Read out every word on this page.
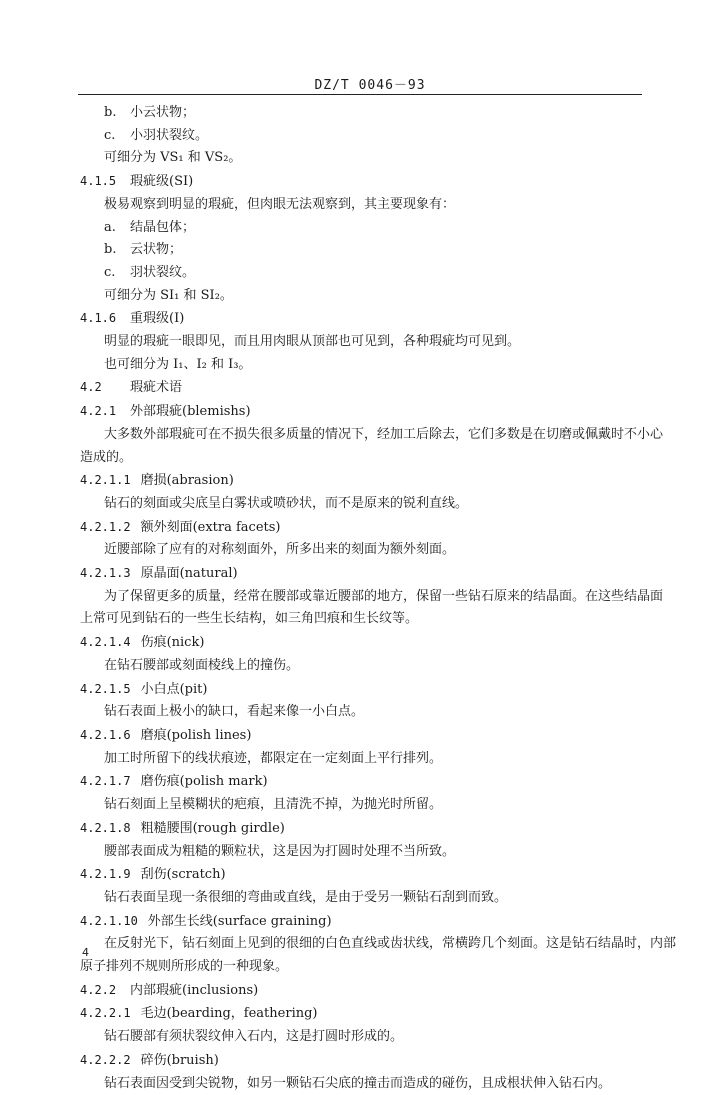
DZ/T 0046－93
b. 小云状物；
c. 小羽状裂纹。
可细分为 VS₁ 和 VS₂。
4.1.5 瑕疵级(SI)
极易观察到明显的瑕疵，但肉眼无法观察到，其主要现象有：
a. 结晶包体；
b. 云状物；
c. 羽状裂纹。
可细分为 SI₁ 和 SI₂。
4.1.6 重瑕级(I)
明显的瑕疵一眼即见，而且用肉眼从顶部也可见到，各种瑕疵均可见到。
也可细分为 I₁、I₂ 和 I₃。
4.2 瑕疵术语
4.2.1 外部瑕疵(blemishs)
大多数外部瑕疵可在不损失很多质量的情况下，经加工后除去，它们多数是在切磨或佩戴时不小心
造成的。
4.2.1.1 磨损(abrasion)
钻石的刻面或尖底呈白雾状或喷砂状，而不是原来的锐利直线。
4.2.1.2 额外刻面(extra facets)
近腰部除了应有的对称刻面外，所多出来的刻面为额外刻面。
4.2.1.3 原晶面(natural)
为了保留更多的质量，经常在腰部或靠近腰部的地方，保留一些钻石原来的结晶面。在这些结晶面
上常可见到钻石的一些生长结构，如三角凹痕和生长纹等。
4.2.1.4 伤痕(nick)
在钻石腰部或刻面棱线上的撞伤。
4.2.1.5 小白点(pit)
钻石表面上极小的缺口，看起来像一小白点。
4.2.1.6 磨痕(polish lines)
加工时所留下的线状痕迹，都限定在一定刻面上平行排列。
4.2.1.7 磨伤痕(polish mark)
钻石刻面上呈模糊状的疤痕，且清洗不掉，为抛光时所留。
4.2.1.8 粗糙腰围(rough girdle)
腰部表面成为粗糙的颗粒状，这是因为打圆时处理不当所致。
4.2.1.9 刮伤(scratch)
钻石表面呈现一条很细的弯曲或直线，是由于受另一颗钻石刮到而致。
4.2.1.10 外部生长线(surface graining)
在反射光下，钻石刻面上见到的很细的白色直线或齿状线，常横跨几个刻面。这是钻石结晶时，内部
原子排列不规则所形成的一种现象。
4.2.2 内部瑕疵(inclusions)
4.2.2.1 毛边(bearding，feathering)
钻石腰部有须状裂纹伸入石内，这是打圆时形成的。
4.2.2.2 碎伤(bruish)
钻石表面因受到尖锐物，如另一颗钻石尖底的撞击而造成的碰伤，且成根状伸入钻石内。
4
